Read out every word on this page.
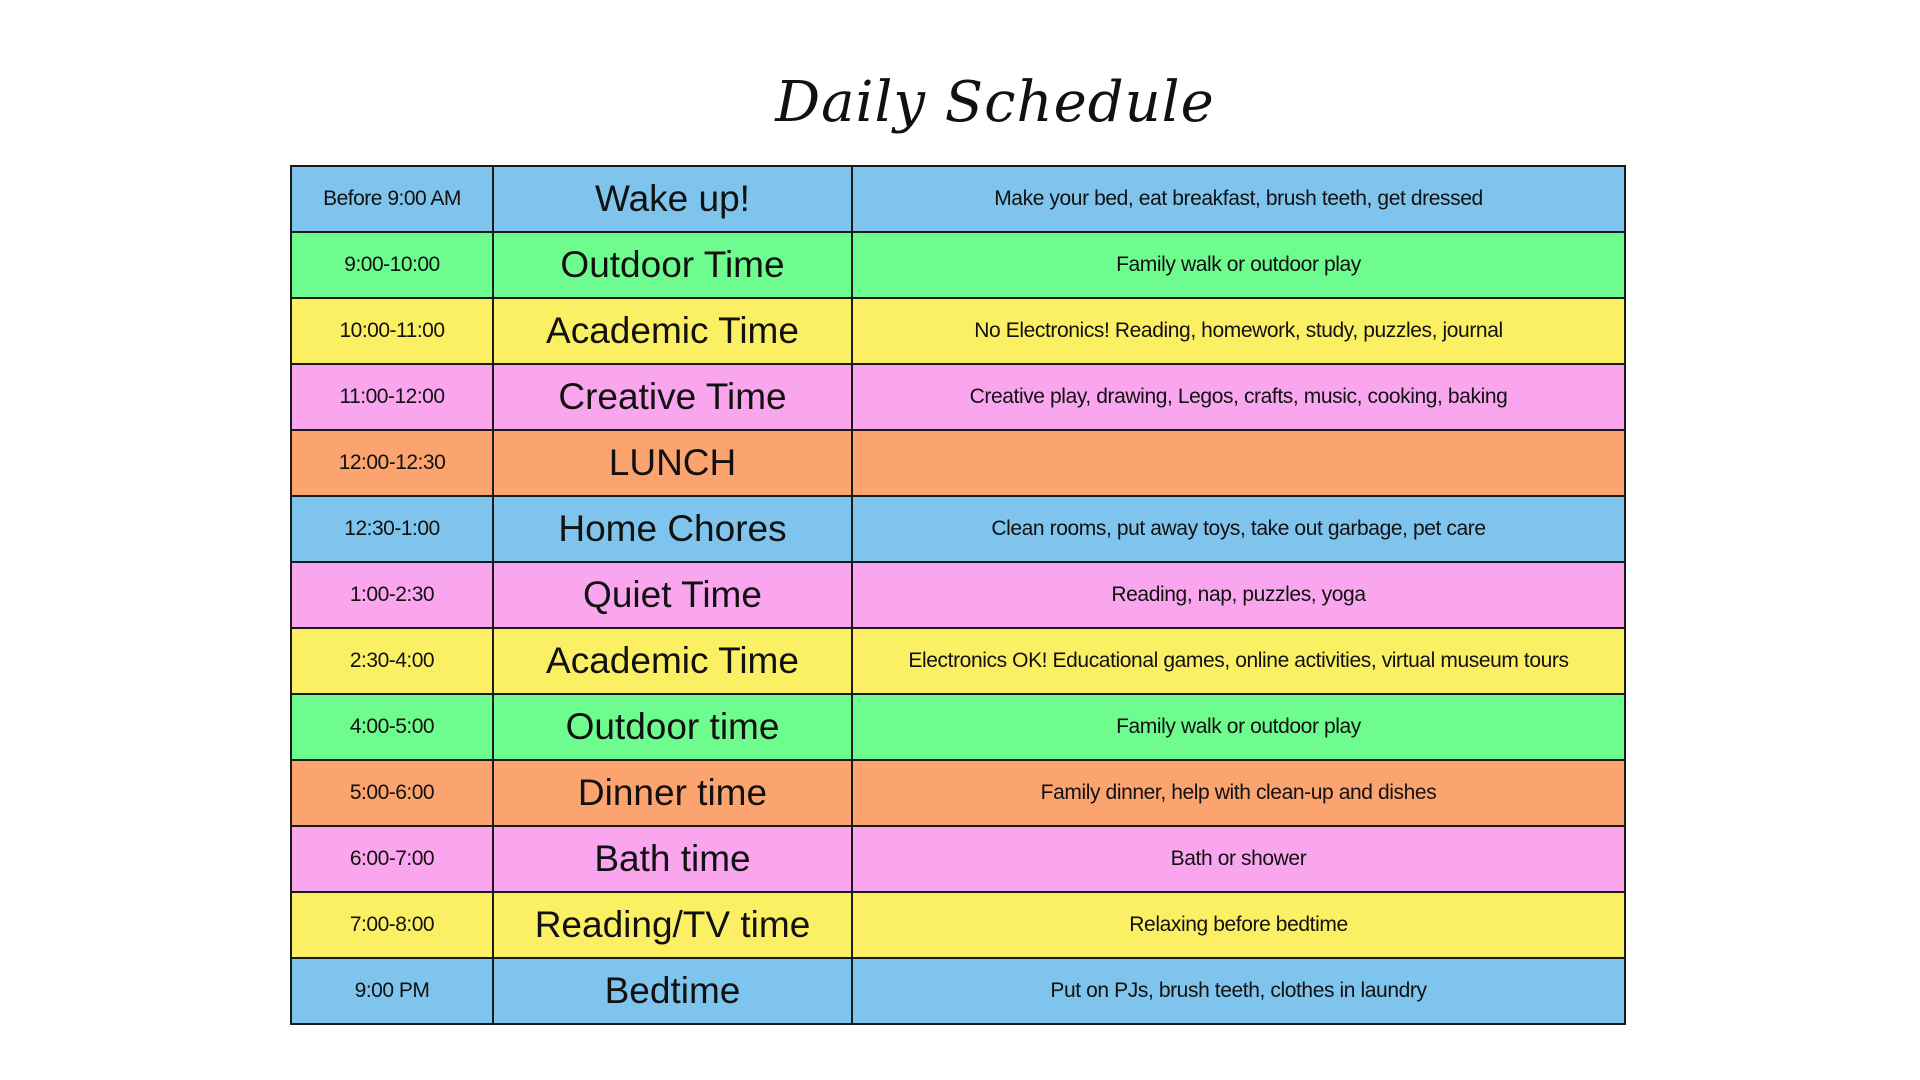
Daily Schedule
Before 9:00 AM	Wake up!	Make your bed, eat breakfast, brush teeth, get dressed
9:00-10:00	Outdoor Time	Family walk or outdoor play
10:00-11:00	Academic Time	No Electronics! Reading, homework, study, puzzles, journal
11:00-12:00	Creative Time	Creative play, drawing, Legos, crafts, music, cooking, baking
12:00-12:30	LUNCH	
12:30-1:00	Home Chores	Clean rooms, put away toys, take out garbage, pet care
1:00-2:30	Quiet Time	Reading, nap, puzzles, yoga
2:30-4:00	Academic Time	Electronics OK! Educational games, online activities, virtual museum tours
4:00-5:00	Outdoor time	Family walk or outdoor play
5:00-6:00	Dinner time	Family dinner, help with clean-up and dishes
6:00-7:00	Bath time	Bath or shower
7:00-8:00	Reading/TV time	Relaxing before bedtime
9:00 PM	Bedtime	Put on PJs, brush teeth, clothes in laundry
